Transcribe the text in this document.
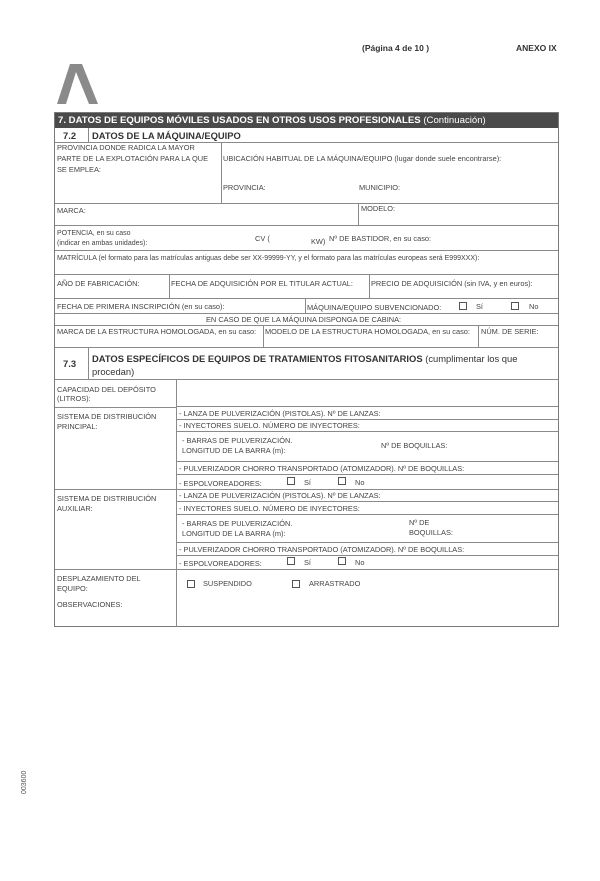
(Página 4 de 10 )	ANEXO IX
7. DATOS DE EQUIPOS MÓVILES USADOS EN OTROS USOS PROFESIONALES (Continuación)
7.2 DATOS DE LA MÁQUINA/EQUIPO
PROVINCIA DONDE RADICA LA MAYOR
PARTE DE LA EXPLOTACIÓN PARA LA QUE
SE EMPLEA:
UBICACIÓN HABITUAL DE LA MÁQUINA/EQUIPO (lugar donde suele encontrarse):
PROVINCIA:	MUNICIPIO:
MARCA:	MODELO:
POTENCIA, en su caso
(indicar en ambas unidades):
CV (	KW) Nº DE BASTIDOR, en su caso:
MATRÍCULA (el formato para las matrículas antiguas debe ser XX-99999-YY, y el formato para las matrículas europeas será E999XXX):
AÑO DE FABRICACIÓN:	FECHA DE ADQUISICIÓN POR EL TITULAR ACTUAL: PRECIO DE ADQUISICIÓN (sin IVA, y en euros):
FECHA DE PRIMERA INSCRIPCIÓN (en su caso):	MÁQUINA/EQUIPO SUBVENCIONADO:	Sí	No
EN CASO DE QUE LA MÁQUINA DISPONGA DE CABINA:
MARCA DE LA ESTRUCTURA HOMOLOGADA, en su caso: MODELO DE LA ESTRUCTURA HOMOLOGADA, en su caso: NÚM. DE SERIE:
7.3 DATOS ESPECÍFICOS DE EQUIPOS DE TRATAMIENTOS FITOSANITARIOS (cumplimentar los que
procedan)
CAPACIDAD DEL DEPÓSITO
(LITROS):
SISTEMA DE DISTRIBUCIÓN
PRINCIPAL:
- LANZA DE PULVERIZACIÓN (PISTOLAS). Nº DE LANZAS:
- INYECTORES SUELO. NÚMERO DE INYECTORES:
- BARRAS DE PULVERIZACIÓN.
LONGITUD DE LA BARRA (m):
Nº DE BOQUILLAS:
- PULVERIZADOR CHORRO TRANSPORTADO (ATOMIZADOR). Nº DE BOQUILLAS:
- ESPOLVOREADORES:	Sí	No
SISTEMA DE DISTRIBUCIÓN
AUXILIAR:
- LANZA DE PULVERIZACIÓN (PISTOLAS). Nº DE LANZAS:
- INYECTORES SUELO. NÚMERO DE INYECTORES:
- BARRAS DE PULVERIZACIÓN.
LONGITUD DE LA BARRA (m):
Nº DE
BOQUILLAS:
- PULVERIZADOR CHORRO TRANSPORTADO (ATOMIZADOR). Nº DE BOQUILLAS:
- ESPOLVOREADORES:	Sí	No
DESPLAZAMIENTO DEL
EQUIPO:
SUSPENDIDO	ARRASTRADO
OBSERVACIONES:
003600
